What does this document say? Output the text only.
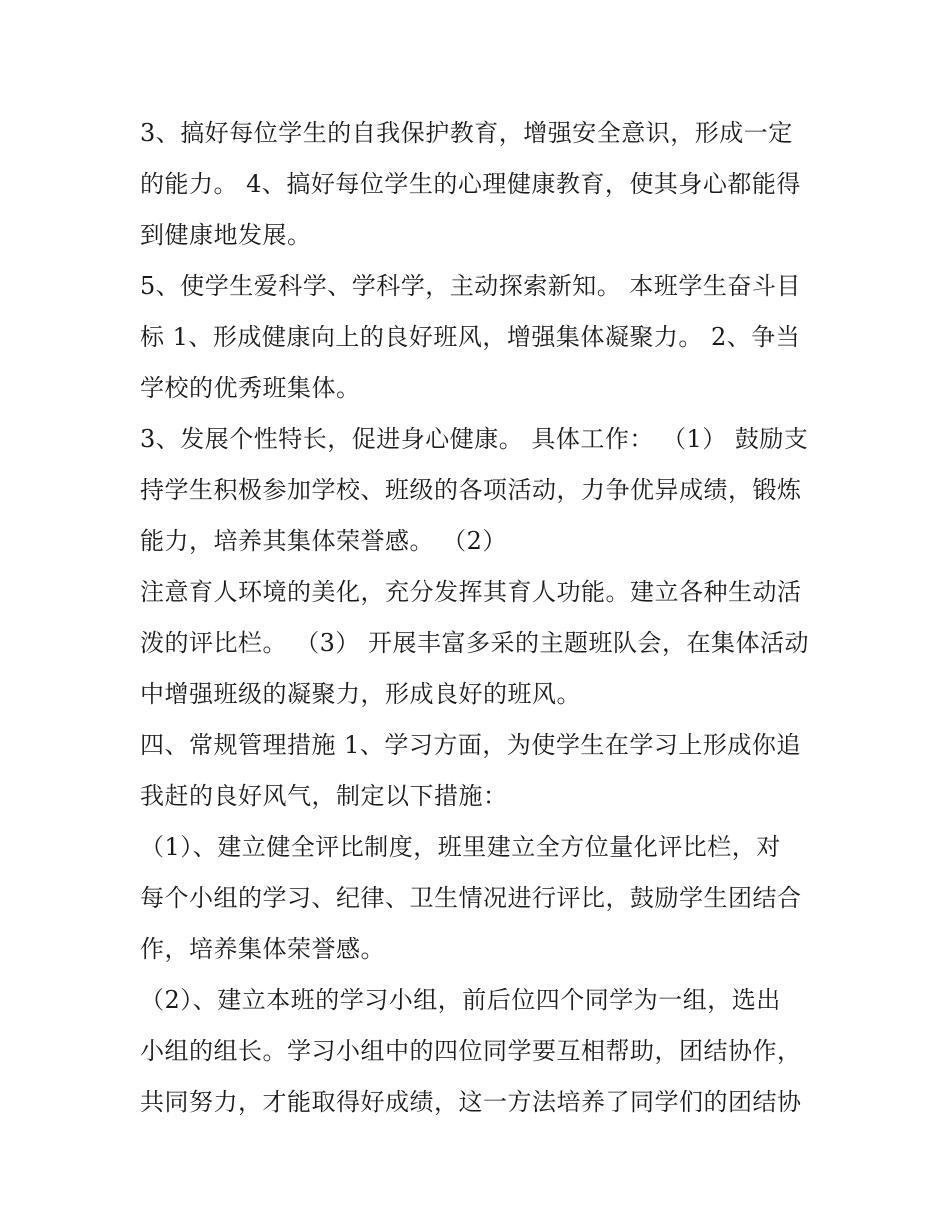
3、搞好每位学生的自我保护教育，增强安全意识，形成一定
的能力。 4、搞好每位学生的心理健康教育，使其身心都能得
到健康地发展。
5、使学生爱科学、学科学，主动探索新知。 本班学生奋斗目
标 1、形成健康向上的良好班风，增强集体凝聚力。 2、争当
学校的优秀班集体。
3、发展个性特长，促进身心健康。 具体工作： （1） 鼓励支
持学生积极参加学校、班级的各项活动，力争优异成绩，锻炼
能力，培养其集体荣誉感。 （2）
注意育人环境的美化，充分发挥其育人功能。建立各种生动活
泼的评比栏。 （3） 开展丰富多采的主题班队会，在集体活动
中增强班级的凝聚力，形成良好的班风。
四、常规管理措施 1、学习方面，为使学生在学习上形成你追
我赶的良好风气，制定以下措施：
（1）、建立健全评比制度，班里建立全方位量化评比栏，对
每个小组的学习、纪律、卫生情况进行评比，鼓励学生团结合
作，培养集体荣誉感。
（2）、建立本班的学习小组，前后位四个同学为一组，选出
小组的组长。学习小组中的四位同学要互相帮助，团结协作，
共同努力，才能取得好成绩，这一方法培养了同学们的团结协
